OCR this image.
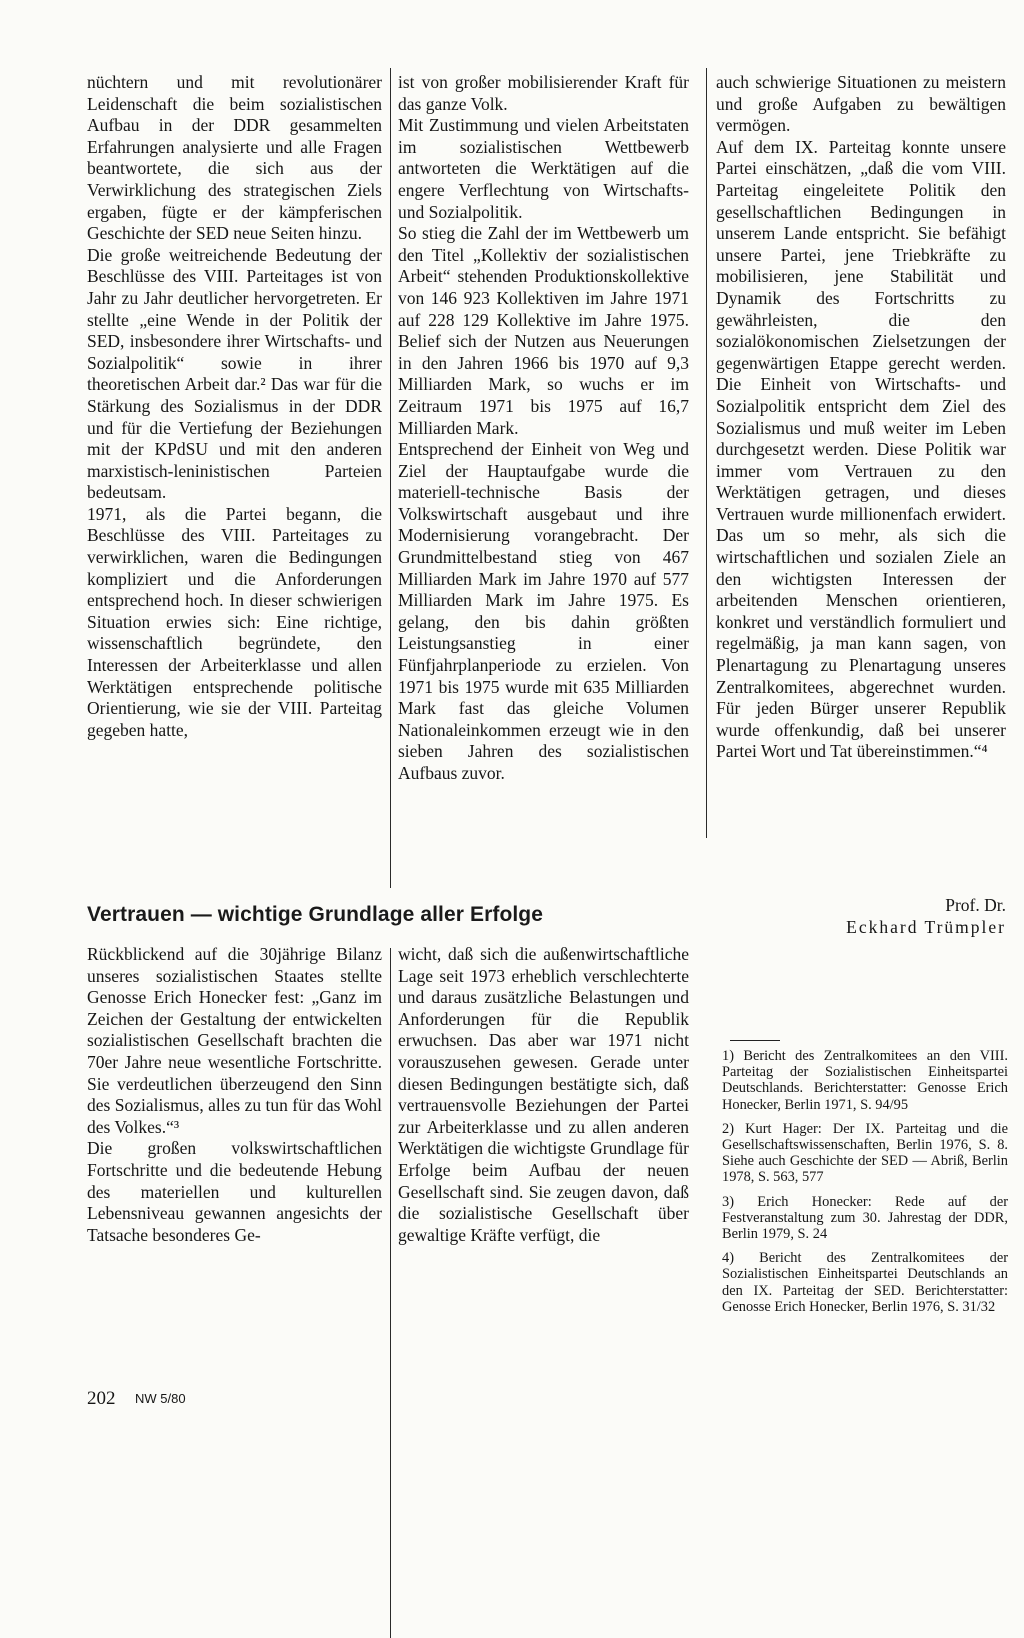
nüchtern und mit revolutionärer Leidenschaft die beim sozialistischen Aufbau in der DDR gesammelten Erfahrungen analysierte und alle Fragen beantwortete, die sich aus der Verwirklichung des strategischen Ziels ergaben, fügte er der kämpferischen Geschichte der SED neue Seiten hinzu.

Die große weitreichende Bedeutung der Beschlüsse des VIII. Parteitages ist von Jahr zu Jahr deutlicher hervorgetreten. Er stellte „eine Wende in der Politik der SED, insbesondere ihrer Wirtschafts- und Sozialpolitik“ sowie in ihrer theoretischen Arbeit dar.² Das war für die Stärkung des Sozialismus in der DDR und für die Vertiefung der Beziehungen mit der KPdSU und mit den anderen marxistisch-leninistischen Parteien bedeutsam.

1971, als die Partei begann, die Beschlüsse des VIII. Parteitages zu verwirklichen, waren die Bedingungen kompliziert und die Anforderungen entsprechend hoch. In dieser schwierigen Situation erwies sich: Eine richtige, wissenschaftlich begründete, den Interessen der Arbeiterklasse und allen Werktätigen entsprechende politische Orientierung, wie sie der VIII. Parteitag gegeben hatte,

ist von großer mobilisierender Kraft für das ganze Volk.

Mit Zustimmung und vielen Arbeitstaten im sozialistischen Wettbewerb antworteten die Werktätigen auf die engere Verflechtung von Wirtschafts- und Sozialpolitik.

So stieg die Zahl der im Wettbewerb um den Titel „Kollektiv der sozialistischen Arbeit“ stehenden Produktionskollektive von 146 923 Kollektiven im Jahre 1971 auf 228 129 Kollektive im Jahre 1975. Belief sich der Nutzen aus Neuerungen in den Jahren 1966 bis 1970 auf 9,3 Milliarden Mark, so wuchs er im Zeitraum 1971 bis 1975 auf 16,7 Milliarden Mark.

Entsprechend der Einheit von Weg und Ziel der Hauptaufgabe wurde die materiell-technische Basis der Volkswirtschaft ausgebaut und ihre Modernisierung vorangebracht. Der Grundmittelbestand stieg von 467 Milliarden Mark im Jahre 1970 auf 577 Milliarden Mark im Jahre 1975. Es gelang, den bis dahin größten Leistungsanstieg in einer Fünfjahrplanperiode zu erzielen. Von 1971 bis 1975 wurde mit 635 Milliarden Mark fast das gleiche Volumen Nationaleinkommen erzeugt wie in den sieben Jahren des sozialistischen Aufbaus zuvor.

auch schwierige Situationen zu meistern und große Aufgaben zu bewältigen vermögen.

Auf dem IX. Parteitag konnte unsere Partei einschätzen, „daß die vom VIII. Parteitag eingeleitete Politik den gesellschaftlichen Bedingungen in unserem Lande entspricht. Sie befähigt unsere Partei, jene Triebkräfte zu mobilisieren, jene Stabilität und Dynamik des Fortschritts zu gewährleisten, die den sozialökonomischen Zielsetzungen der gegenwärtigen Etappe gerecht werden. Die Einheit von Wirtschafts- und Sozialpolitik entspricht dem Ziel des Sozialismus und muß weiter im Leben durchgesetzt werden. Diese Politik war immer vom Vertrauen zu den Werktätigen getragen, und dieses Vertrauen wurde millionenfach erwidert. Das um so mehr, als sich die wirtschaftlichen und sozialen Ziele an den wichtigsten Interessen der arbeitenden Menschen orientieren, konkret und verständlich formuliert und regelmäßig, ja man kann sagen, von Plenartagung zu Plenartagung unseres Zentralkomitees, abgerechnet wurden. Für jeden Bürger unserer Republik wurde offenkundig, daß bei unserer Partei Wort und Tat übereinstimmen.“⁴

Prof. Dr.

Eckhard Trümpler

Vertrauen — wichtige Grundlage aller Erfolge

Rückblickend auf die 30jährige Bilanz unseres sozialistischen Staates stellte Genosse Erich Honecker fest: „Ganz im Zeichen der Gestaltung der entwickelten sozialistischen Gesellschaft brachten die 70er Jahre neue wesentliche Fortschritte. Sie verdeutlichen überzeugend den Sinn des Sozialismus, alles zu tun für das Wohl des Volkes.“³

Die großen volkswirtschaftlichen Fortschritte und die bedeutende Hebung des materiellen und kulturellen Lebensniveau gewannen angesichts der Tatsache besonderes Ge-

wicht, daß sich die außenwirtschaftliche Lage seit 1973 erheblich verschlechterte und daraus zusätzliche Belastungen und Anforderungen für die Republik erwuchsen. Das aber war 1971 nicht vorauszusehen gewesen. Gerade unter diesen Bedingungen bestätigte sich, daß vertrauensvolle Beziehungen der Partei zur Arbeiterklasse und zu allen anderen Werktätigen die wichtigste Grundlage für Erfolge beim Aufbau der neuen Gesellschaft sind. Sie zeugen davon, daß die sozialistische Gesellschaft über gewaltige Kräfte verfügt, die

1) Bericht des Zentralkomitees an den VIII. Parteitag der Sozialistischen Einheitspartei Deutschlands. Berichterstatter: Genosse Erich Honecker, Berlin 1971, S. 94/95

2) Kurt Hager: Der IX. Parteitag und die Gesellschaftswissenschaften, Berlin 1976, S. 8. Siehe auch Geschichte der SED — Abriß, Berlin 1978, S. 563, 577

3) Erich Honecker: Rede auf der Festveranstaltung zum 30. Jahrestag der DDR, Berlin 1979, S. 24

4) Bericht des Zentralkomitees der Sozialistischen Einheitspartei Deutschlands an den IX. Parteitag der SED. Berichterstatter: Genosse Erich Honecker, Berlin 1976, S. 31/32

202 NW 5/80
